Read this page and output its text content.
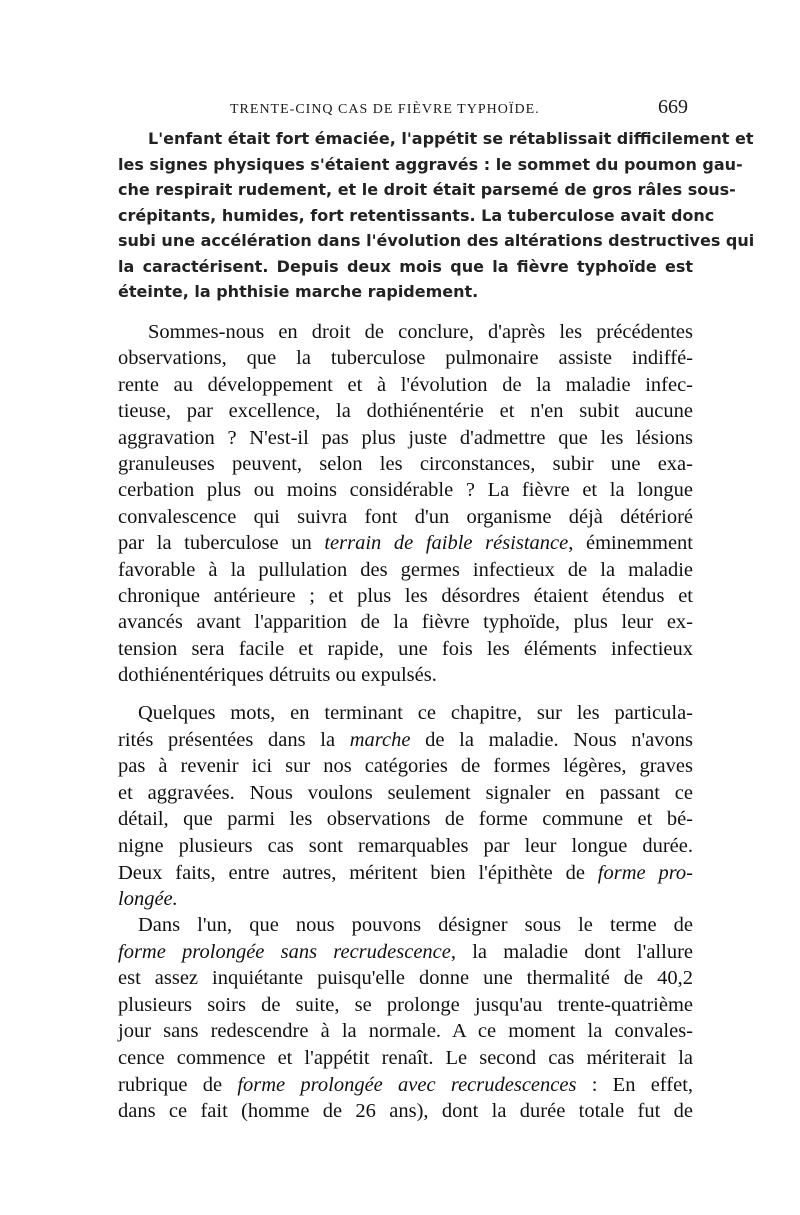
TRENTE-CINQ CAS DE FIÈVRE TYPHOÏDE.	669
L'enfant était fort émaciée, l'appétit se rétablissait difficilement et
les signes physiques s'étaient aggravés : le sommet du poumon gau-
che respirait rudement, et le droit était parsemé de gros râles sous-
crépitants, humides, fort retentissants. La tuberculose avait donc
subi une accélération dans l'évolution des altérations destructives qui
la caractérisent. Depuis deux mois que la fièvre typhoïde est
éteinte, la phthisie marche rapidement.
Sommes-nous en droit de conclure, d'après les précédentes
observations, que la tuberculose pulmonaire assiste indiffé-
rente au développement et à l'évolution de la maladie infec-
tieuse, par excellence, la dothiénentérie et n'en subit aucune
aggravation ? N'est-il pas plus juste d'admettre que les lésions
granuleuses peuvent, selon les circonstances, subir une exa-
cerbation plus ou moins considérable ? La fièvre et la longue
convalescence qui suivra font d'un organisme déjà détérioré
par la tuberculose un terrain de faible résistance, éminemment
favorable à la pullulation des germes infectieux de la maladie
chronique antérieure ; et plus les désordres étaient étendus et
avancés avant l'apparition de la fièvre typhoïde, plus leur ex-
tension sera facile et rapide, une fois les éléments infectieux
dothiénentériques détruits ou expulsés.
Quelques mots, en terminant ce chapitre, sur les particula-
rités présentées dans la marche de la maladie. Nous n'avons
pas à revenir ici sur nos catégories de formes légères, graves
et aggravées. Nous voulons seulement signaler en passant ce
détail, que parmi les observations de forme commune et bé-
nigne plusieurs cas sont remarquables par leur longue durée.
Deux faits, entre autres, méritent bien l'épithète de forme pro-
longée.
Dans l'un, que nous pouvons désigner sous le terme de
forme prolongée sans recrudescence, la maladie dont l'allure
est assez inquiétante puisqu'elle donne une thermalité de 40,2
plusieurs soirs de suite, se prolonge jusqu'au trente-quatrième
jour sans redescendre à la normale. A ce moment la convales-
cence commence et l'appétit renaît. Le second cas mériterait la
rubrique de forme prolongée avec recrudescences : En effet,
dans ce fait (homme de 26 ans), dont la durée totale fut de
